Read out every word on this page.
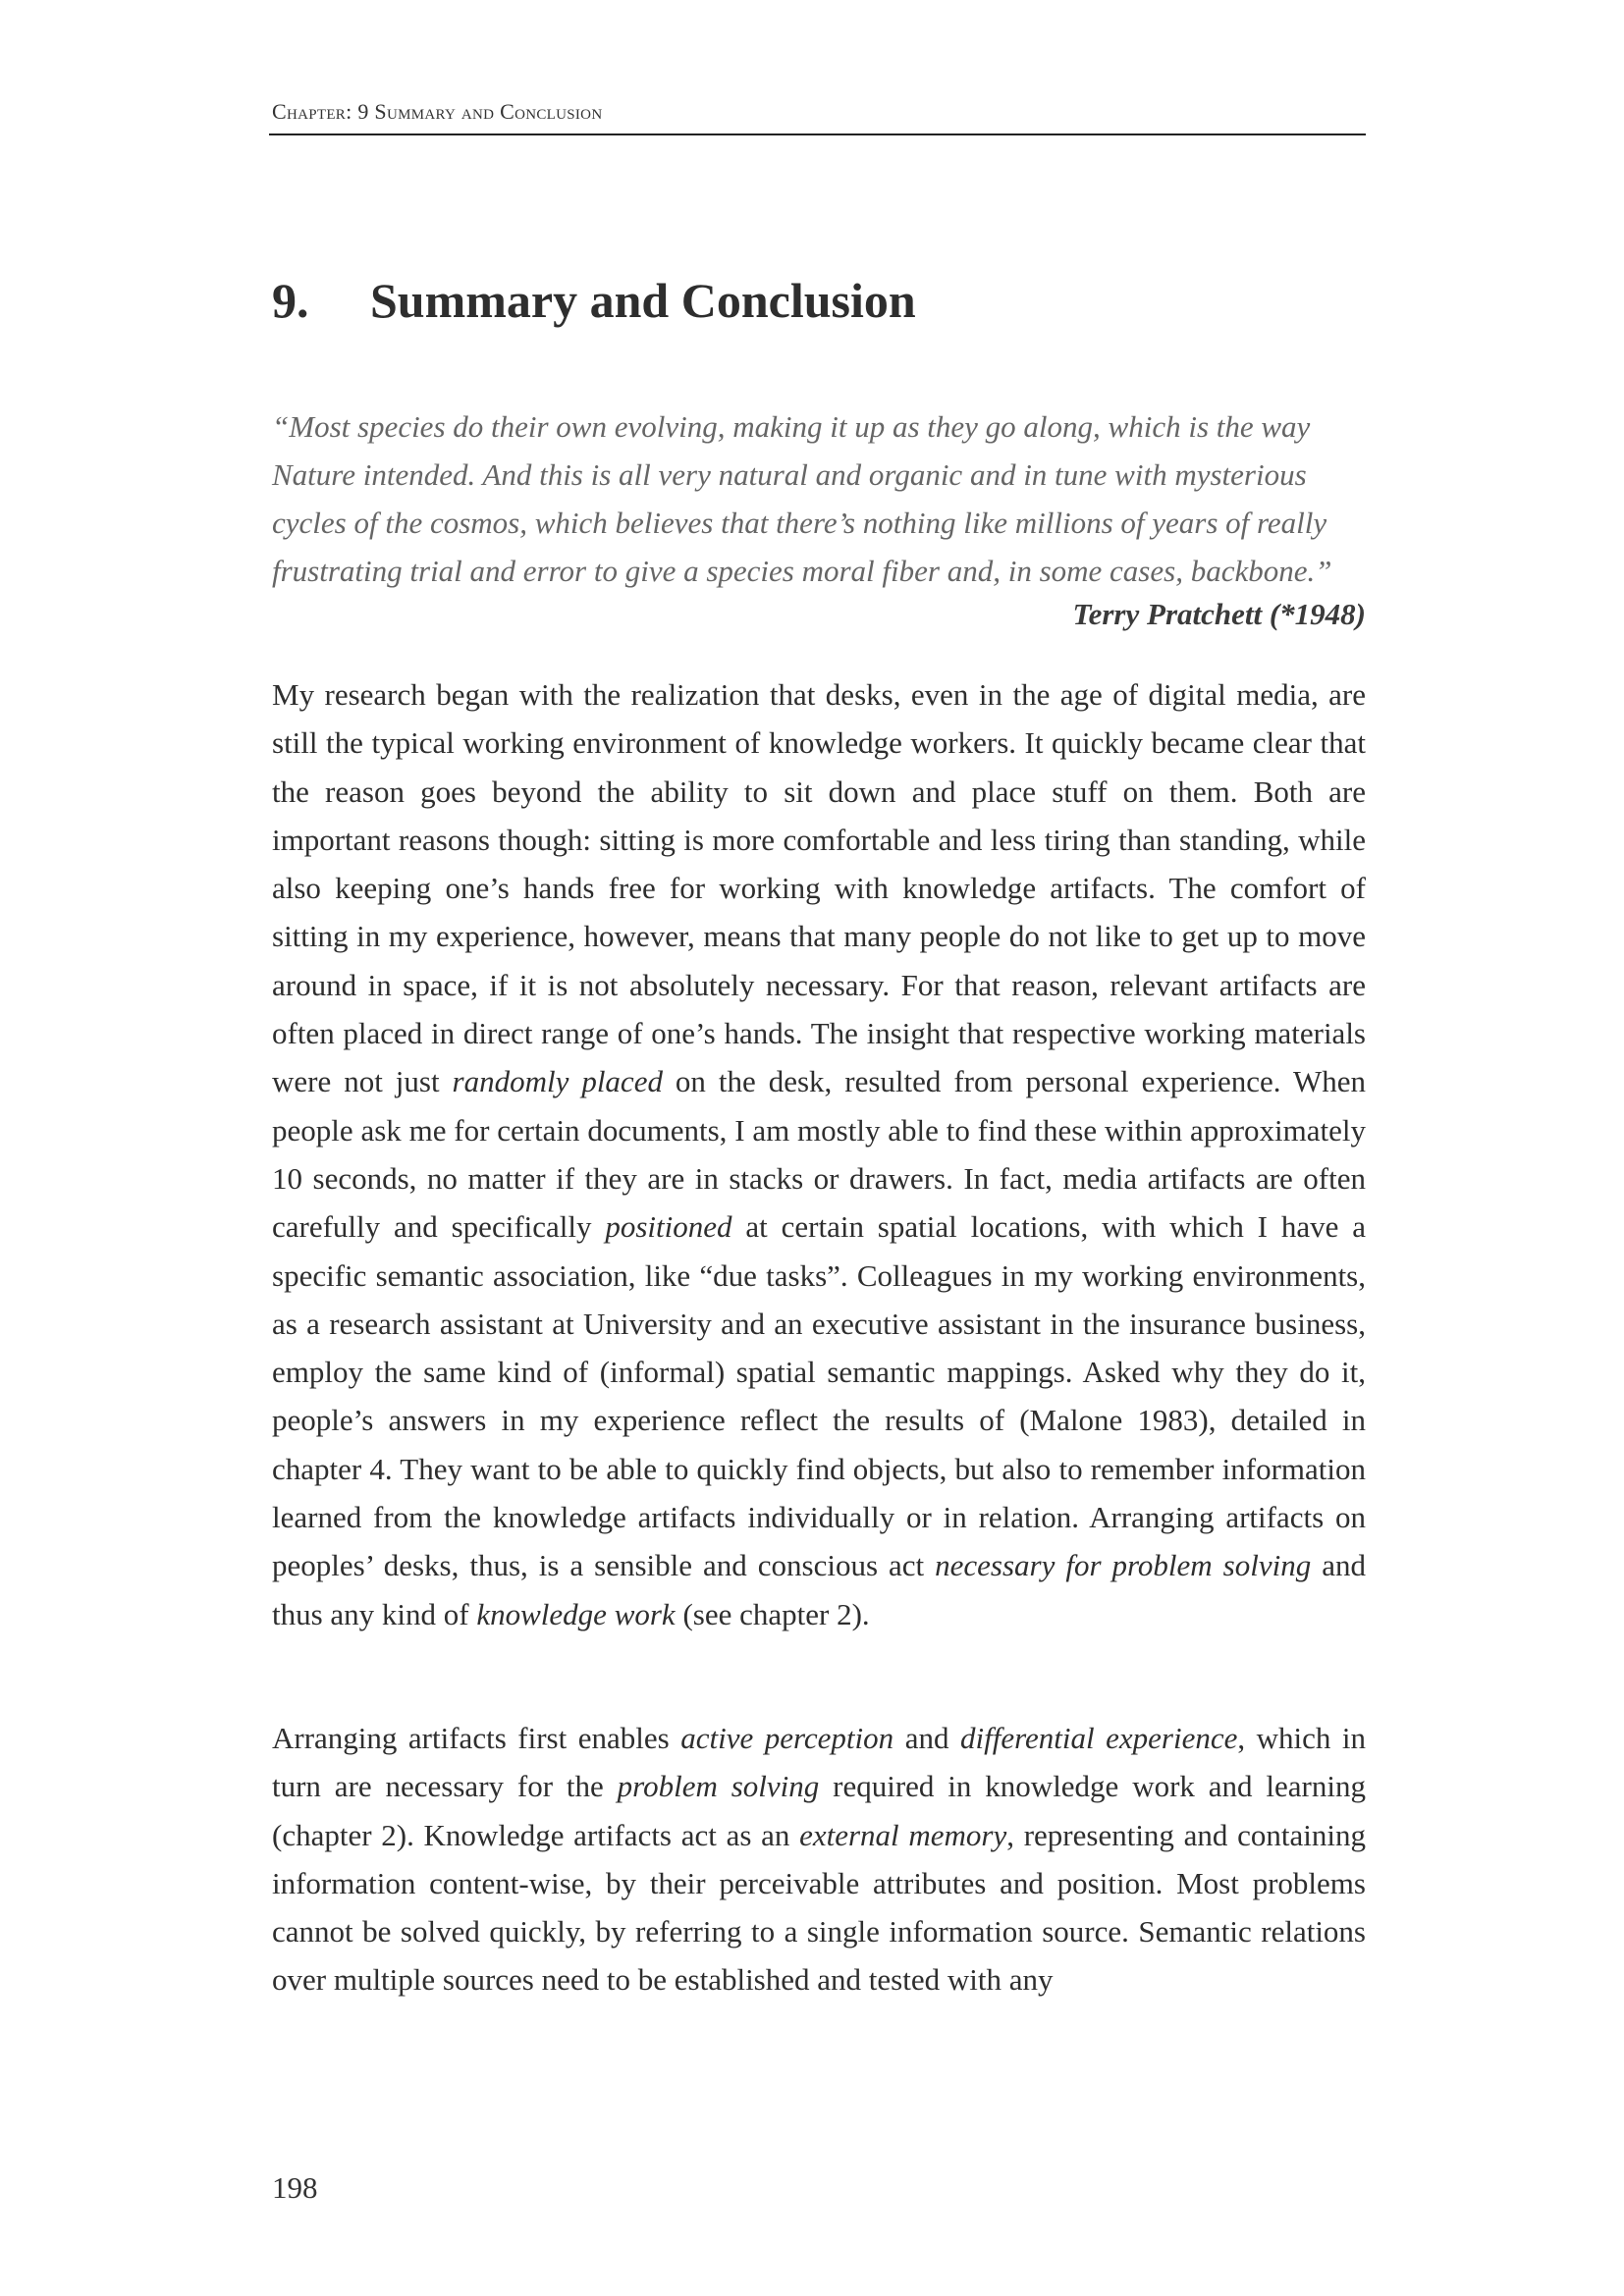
Chapter: 9 Summary and Conclusion
9. Summary and Conclusion

“Most species do their own evolving, making it up as they go along, which is the way Nature intended. And this is all very natural and organic and in tune with mysterious cycles of the cosmos, which believes that there’s nothing like millions of years of really frustrating trial and error to give a species moral fiber and, in some cases, backbone.”

Terry Pratchett (*1948)

My research began with the realization that desks, even in the age of digital media, are still the typical working environment of knowledge workers. It quickly became clear that the reason goes beyond the ability to sit down and place stuff on them. Both are important reasons though: sitting is more comfortable and less tiring than standing, while also keeping one’s hands free for working with knowledge artifacts. The comfort of sitting in my experience, however, means that many people do not like to get up to move around in space, if it is not absolutely necessary. For that reason, relevant artifacts are often placed in direct range of one’s hands. The insight that respective working materials were not just randomly placed on the desk, resulted from personal experience. When people ask me for certain documents, I am mostly able to find these within approximately 10 seconds, no matter if they are in stacks or drawers. In fact, media artifacts are often carefully and specifically positioned at certain spatial locations, with which I have a specific semantic association, like “due tasks”. Colleagues in my working environments, as a research assistant at University and an executive assistant in the insurance business, employ the same kind of (informal) spatial semantic mappings. Asked why they do it, people’s answers in my experience reflect the results of (Malone 1983), detailed in chapter 4. They want to be able to quickly find objects, but also to remember information learned from the knowledge artifacts individually or in relation. Arranging artifacts on peoples’ desks, thus, is a sensible and conscious act necessary for problem solving and thus any kind of knowledge work (see chapter 2).

Arranging artifacts first enables active perception and differential experience, which in turn are necessary for the problem solving required in knowledge work and learning (chapter 2). Knowledge artifacts act as an external memory, representing and containing information content-wise, by their perceivable attributes and position. Most problems cannot be solved quickly, by referring to a single information source. Semantic relations over multiple sources need to be established and tested with any

198
